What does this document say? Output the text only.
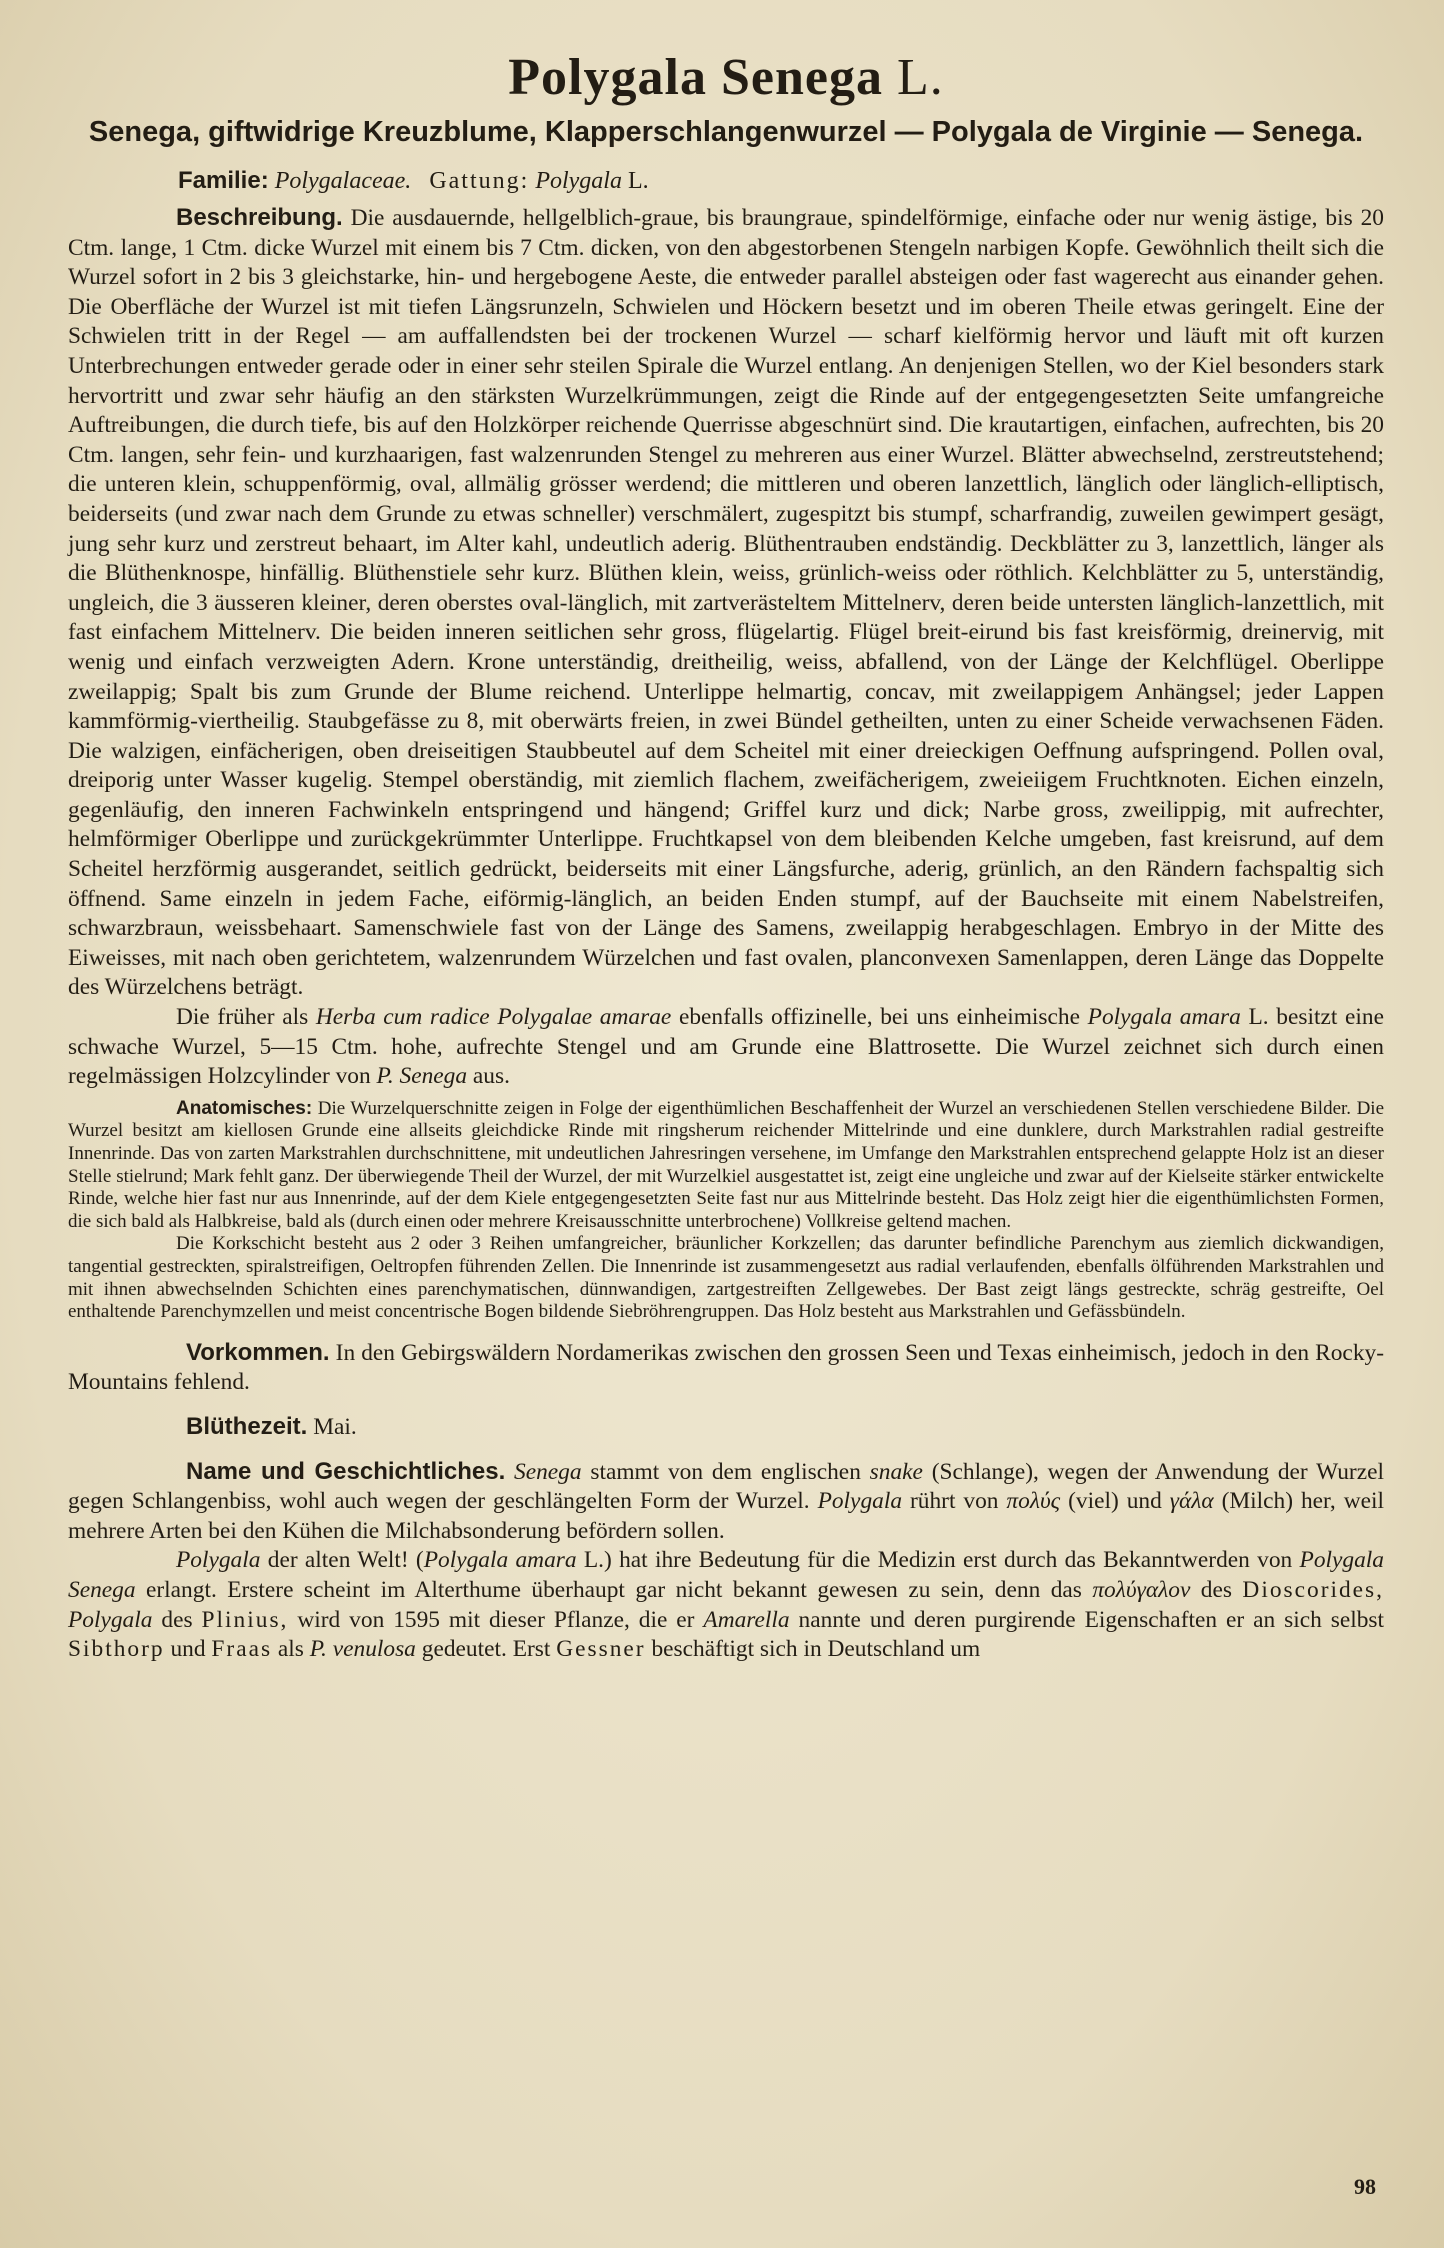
Polygala Senega L.
Senega, giftwidrige Kreuzblume, Klapperschlangenwurzel — Polygala de Virginie — Senega.
Familie: Polygalaceae. Gattung: Polygala L.

Beschreibung. Die ausdauernde, hellgelblich-graue, bis braungraue, spindelförmige, einfache oder nur wenig ästige, bis 20 Ctm. lange, 1 Ctm. dicke Wurzel mit einem bis 7 Ctm. dicken, von den abgestorbenen Stengeln narbigen Kopfe. Gewöhnlich theilt sich die Wurzel sofort in 2 bis 3 gleichstarke, hin- und hergebogene Aeste, die entweder parallel absteigen oder fast wagerecht aus einander gehen. Die Oberfläche der Wurzel ist mit tiefen Längsrunzeln, Schwielen und Höckern besetzt und im oberen Theile etwas geringelt. Eine der Schwielen tritt in der Regel — am auffallendsten bei der trockenen Wurzel — scharf kielförmig hervor und läuft mit oft kurzen Unterbrechungen entweder gerade oder in einer sehr steilen Spirale die Wurzel entlang. An denjenigen Stellen, wo der Kiel besonders stark hervortritt und zwar sehr häufig an den stärksten Wurzelkrümmungen, zeigt die Rinde auf der entgegengesetzten Seite umfangreiche Auftreibungen, die durch tiefe, bis auf den Holzkörper reichende Querrisse abgeschnürt sind. Die krautartigen, einfachen, aufrechten, bis 20 Ctm. langen, sehr fein- und kurzhaarigen, fast walzenrunden Stengel zu mehreren aus einer Wurzel. Blätter abwechselnd, zerstreutstehend; die unteren klein, schuppenförmig, oval, allmälig grösser werdend; die mittleren und oberen lanzettlich, länglich oder länglich-elliptisch, beiderseits (und zwar nach dem Grunde zu etwas schneller) verschmälert, zugespitzt bis stumpf, scharfrandig, zuweilen gewimpert gesägt, jung sehr kurz und zerstreut behaart, im Alter kahl, undeutlich aderig. Blüthentrauben endständig. Deckblätter zu 3, lanzettlich, länger als die Blüthenknospe, hinfällig. Blüthenstiele sehr kurz. Blüthen klein, weiss, grünlich-weiss oder röthlich. Kelchblätter zu 5, unterständig, ungleich, die 3 äusseren kleiner, deren oberstes oval-länglich, mit zartverästeltem Mittelnerv, deren beide untersten länglich-lanzettlich, mit fast einfachem Mittelnerv. Die beiden inneren seitlichen sehr gross, flügelartig. Flügel breit-eirund bis fast kreisförmig, dreinervig, mit wenig und einfach verzweigten Adern. Krone unterständig, dreitheilig, weiss, abfallend, von der Länge der Kelchflügel. Oberlippe zweilappig; Spalt bis zum Grunde der Blume reichend. Unterlippe helmartig, concav, mit zweilappigem Anhängsel; jeder Lappen kammförmig-viertheilig. Staubgefässe zu 8, mit oberwärts freien, in zwei Bündel getheilten, unten zu einer Scheide verwachsenen Fäden. Die walzigen, einfächerigen, oben dreiseitigen Staubbeutel auf dem Scheitel mit einer dreieckigen Oeffnung aufspringend. Pollen oval, dreiporig unter Wasser kugelig. Stempel oberständig, mit ziemlich flachem, zweifächerigem, zweieiigem Fruchtknoten. Eichen einzeln, gegenläufig, den inneren Fachwinkeln entspringend und hängend; Griffel kurz und dick; Narbe gross, zweilippig, mit aufrechter, helmförmiger Oberlippe und zurückgekrümmter Unterlippe. Fruchtkapsel von dem bleibenden Kelche umgeben, fast kreisrund, auf dem Scheitel herzförmig ausgerandet, seitlich gedrückt, beiderseits mit einer Längsfurche, aderig, grünlich, an den Rändern fachspaltig sich öffnend. Same einzeln in jedem Fache, eiförmig-länglich, an beiden Enden stumpf, auf der Bauchseite mit einem Nabelstreifen, schwarzbraun, weissbehaart. Samenschwiele fast von der Länge des Samens, zweilappig herabgeschlagen. Embryo in der Mitte des Eiweisses, mit nach oben gerichtetem, walzenrundem Würzelchen und fast ovalen, planconvexen Samenlappen, deren Länge das Doppelte des Würzelchens beträgt.

Die früher als Herba cum radice Polygalae amarae ebenfalls offizinelle, bei uns einheimische Polygala amara L. besitzt eine schwache Wurzel, 5—15 Ctm. hohe, aufrechte Stengel und am Grunde eine Blattrosette. Die Wurzel zeichnet sich durch einen regelmässigen Holzcylinder von P. Senega aus.

Anatomisches: Die Wurzelquerschnitte zeigen in Folge der eigenthümlichen Beschaffenheit der Wurzel an verschiedenen Stellen verschiedene Bilder. Die Wurzel besitzt am kiellosen Grunde eine allseits gleichdicke Rinde mit ringsherum reichender Mittelrinde und eine dunklere, durch Markstrahlen radial gestreifte Innenrinde. Das von zarten Markstrahlen durchschnittene, mit undeutlichen Jahresringen versehene, im Umfange den Markstrahlen entsprechend gelappte Holz ist an dieser Stelle stielrund; Mark fehlt ganz. Der überwiegende Theil der Wurzel, der mit Wurzelkiel ausgestattet ist, zeigt eine ungleiche und zwar auf der Kielseite stärker entwickelte Rinde, welche hier fast nur aus Innenrinde, auf der dem Kiele entgegengesetzten Seite fast nur aus Mittelrinde besteht. Das Holz zeigt hier die eigenthümlichsten Formen, die sich bald als Halbkreise, bald als (durch einen oder mehrere Kreisausschnitte unterbrochene) Vollkreise geltend machen.

Die Korkschicht besteht aus 2 oder 3 Reihen umfangreicher, bräunlicher Korkzellen; das darunter befindliche Parenchym aus ziemlich dickwandigen, tangential gestreckten, spiralstreifigen, Oeltropfen führenden Zellen. Die Innenrinde ist zusammengesetzt aus radial verlaufenden, ebenfalls ölführenden Markstrahlen und mit ihnen abwechselnden Schichten eines parenchymatischen, dünnwandigen, zartgestreiften Zellgewebes. Der Bast zeigt längs gestreckte, schräg gestreifte, Oel enthaltende Parenchymzellen und meist concentrische Bogen bildende Siebröhrengruppen. Das Holz besteht aus Markstrahlen und Gefässbündeln.

Vorkommen. In den Gebirgswäldern Nordamerikas zwischen den grossen Seen und Texas einheimisch, jedoch in den Rocky-Mountains fehlend.

Blüthezeit. Mai.

Name und Geschichtliches. Senega stammt von dem englischen snake (Schlange), wegen der Anwendung der Wurzel gegen Schlangenbiss, wohl auch wegen der geschlängelten Form der Wurzel. Polygala rührt von πολύς (viel) und γάλα (Milch) her, weil mehrere Arten bei den Kühen die Milchabsonderung befördern sollen.

Polygala der alten Welt! (Polygala amara L.) hat ihre Bedeutung für die Medizin erst durch das Bekanntwerden von Polygala Senega erlangt. Erstere scheint im Alterthume überhaupt gar nicht bekannt gewesen zu sein, denn das πολύγαλον des Dioscorides, Polygala des Plinius, wird von 1595 mit dieser Pflanze, die er Amarella nannte und deren purgirende Eigenschaften er an sich selbst Sibthorp und Fraas als P. venulosa gedeutet. Erst Gessner beschäftigt sich in Deutschland um

98
